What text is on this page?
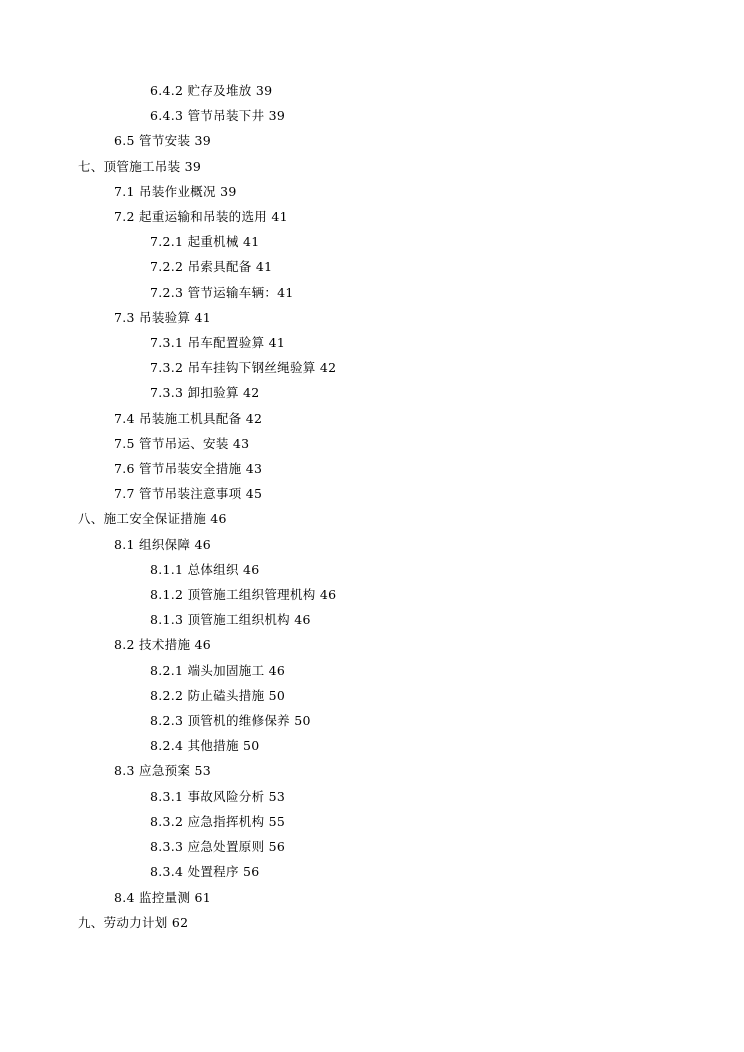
6.4.2 贮存及堆放 39
6.4.3 管节吊装下井 39
6.5 管节安装 39
七、顶管施工吊装 39
7.1 吊装作业概况 39
7.2 起重运输和吊装的选用 41
7.2.1 起重机械 41
7.2.2 吊索具配备 41
7.2.3 管节运输车辆：41
7.3 吊装验算 41
7.3.1 吊车配置验算 41
7.3.2 吊车挂钩下钢丝绳验算 42
7.3.3 卸扣验算 42
7.4 吊装施工机具配备 42
7.5 管节吊运、安装 43
7.6 管节吊装安全措施 43
7.7 管节吊装注意事项 45
八、施工安全保证措施 46
8.1 组织保障 46
8.1.1 总体组织 46
8.1.2 顶管施工组织管理机构 46
8.1.3 顶管施工组织机构 46
8.2 技术措施 46
8.2.1 端头加固施工 46
8.2.2 防止磕头措施 50
8.2.3 顶管机的维修保养 50
8.2.4 其他措施 50
8.3 应急预案 53
8.3.1 事故风险分析 53
8.3.2 应急指挥机构 55
8.3.3 应急处置原则 56
8.3.4 处置程序 56
8.4 监控量测 61
九、劳动力计划 62
